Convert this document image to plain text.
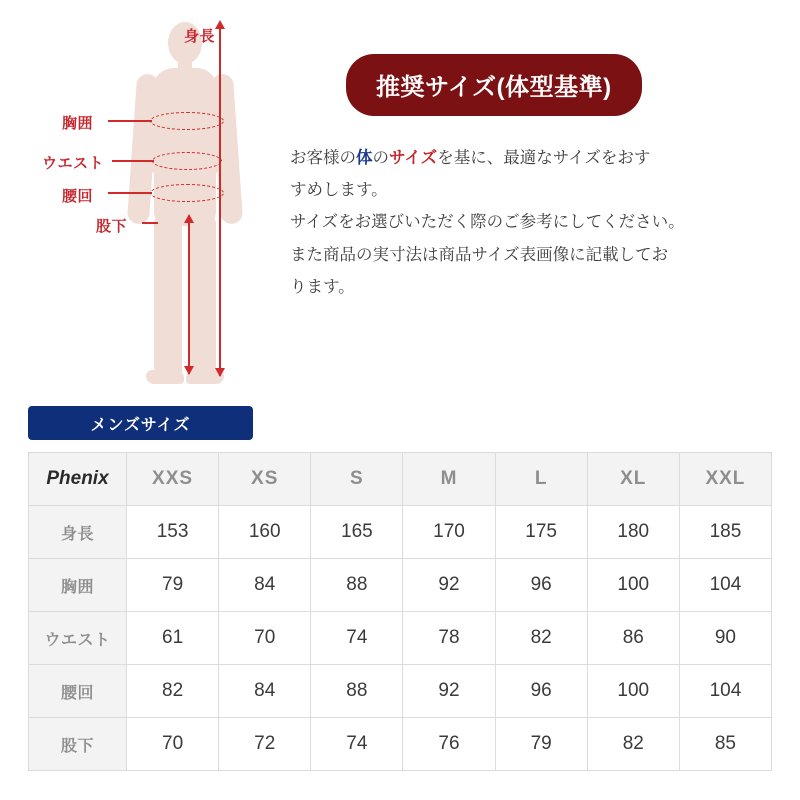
身長
胸囲
ウエスト
腰回
股下
推奨サイズ(体型基準)
お客様の体のサイズを基に、最適なサイズをおす
すめします。
サイズをお選びいただく際のご参考にしてください。
また商品の実寸法は商品サイズ表画像に記載してお
ります。
メンズサイズ
Phenix	XXS	XS	S	M	L	XL	XXL
身長	153	160	165	170	175	180	185
胸囲	79	84	88	92	96	100	104
ウエスト	61	70	74	78	82	86	90
腰回	82	84	88	92	96	100	104
股下	70	72	74	76	79	82	85
